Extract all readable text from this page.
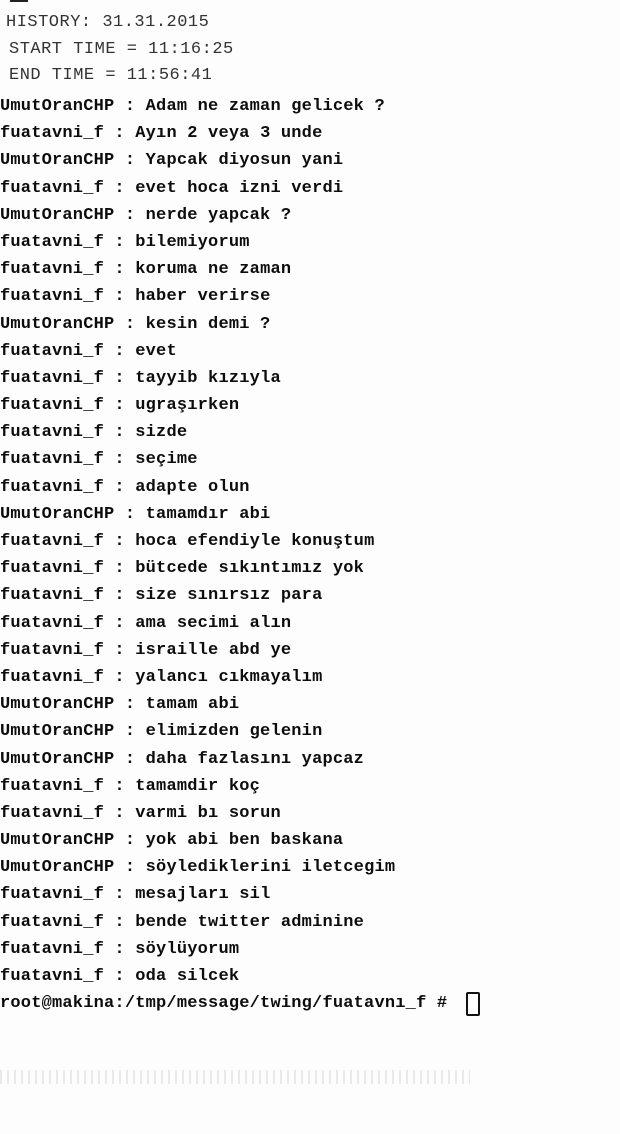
HISTORY: 31.31.2015
START TIME = 11:16:25
END TIME = 11:56:41
UmutOranCHP : Adam ne zaman gelicek ?
fuatavni_f : Ayın 2 veya 3 unde
UmutOranCHP : Yapcak diyosun yani
fuatavni_f : evet hoca izni verdi
UmutOranCHP : nerde yapcak ?
fuatavni_f : bilemiyorum
fuatavni_f : koruma ne zaman
fuatavni_f : haber verirse
UmutOranCHP : kesin demi ?
fuatavni_f : evet
fuatavni_f : tayyib kızıyla
fuatavni_f : ugraşırken
fuatavni_f : sizde
fuatavni_f : seçime
fuatavni_f : adapte olun
UmutOranCHP : tamamdır abi
fuatavni_f : hoca efendiyle konuştum
fuatavni_f : bütcede sıkıntımız yok
fuatavni_f : size sınırsız para
fuatavni_f : ama secimi alın
fuatavni_f : israille abd ye
fuatavni_f : yalancı cıkmayalım
UmutOranCHP : tamam abi
UmutOranCHP : elimizden gelenin
UmutOranCHP : daha fazlasını yapcaz
fuatavni_f : tamamdir koç
fuatavni_f : varmi bı sorun
UmutOranCHP : yok abi ben baskana
UmutOranCHP : söylediklerini iletcegim
fuatavni_f : mesajları sil
fuatavni_f : bende twitter adminine
fuatavni_f : söylüyorum
fuatavni_f : oda silcek
root@makina:/tmp/message/twing/fuatavnı_f #
